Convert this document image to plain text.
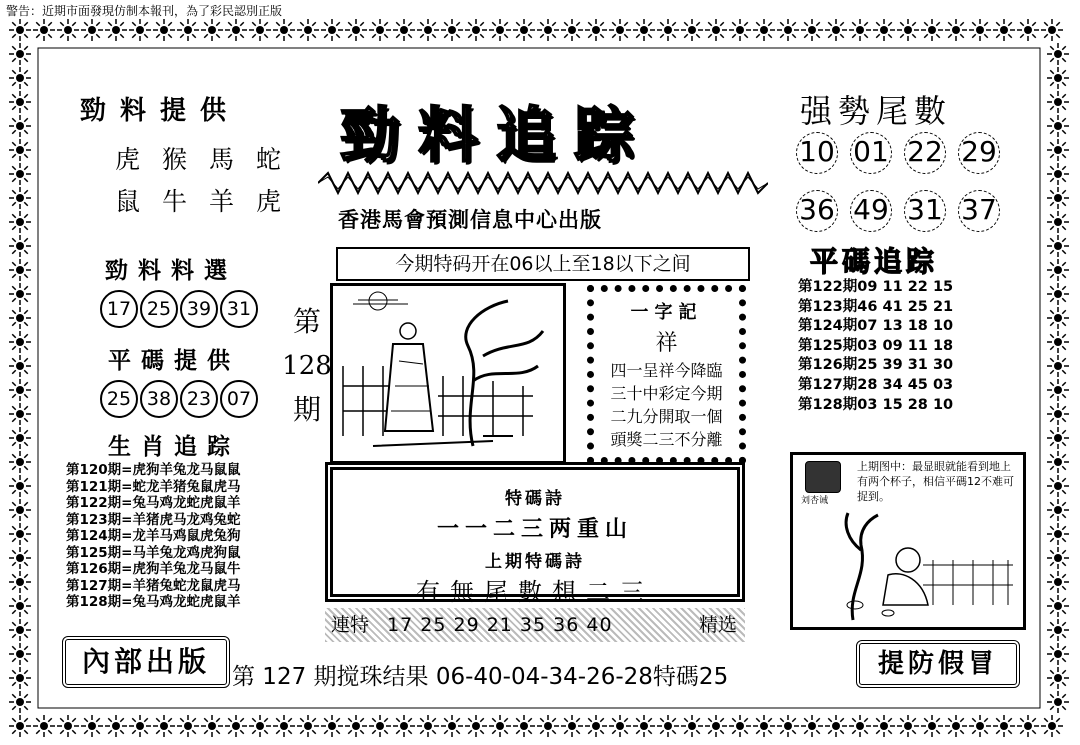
警告：近期市面發現仿制本報刊，為了彩民認別正版
勁料提供
虎猴馬蛇
鼠牛羊虎
勁料料選
17 25 39 31
平碼提供
25 38 23 07
生肖追踪
第120期=虎狗羊兔龙马鼠鼠
第121期=蛇龙羊猪兔鼠虎马
第122期=兔马鸡龙蛇虎鼠羊
第123期=羊猪虎马龙鸡兔蛇
第124期=龙羊马鸡鼠虎兔狗
第125期=马羊兔龙鸡虎狗鼠
第126期=虎狗羊兔龙马鼠牛
第127期=羊猪兔蛇龙鼠虎马
第128期=兔马鸡龙蛇虎鼠羊
內部出版
勁料追踪
香港馬會預測信息中心出版
今期特码开在06以上至18以下之间
第
128
期
一字記
祥
四一呈祥今降臨
三十中彩定今期
二九分開取一個
頭獎二三不分離
特碼詩
一一二三两重山
上期特碼詩
有無尾數想二三
連特 17 25 29 21 35 36 40	精选
第 127 期搅珠结果 06-40-04-34-26-28特碼25
强勢尾數
10 01 22 29
36 49 31 37
平碼追踪
第122期09 11 22 15
第123期46 41 25 21
第124期07 13 18 10
第125期03 09 11 18
第126期25 39 31 30
第127期28 34 45 03
第128期03 15 28 10
刘杏诫
上期图中：最显眼就能看到地上有两个杯子，相信平碼12不难可捉到。
提防假冒
